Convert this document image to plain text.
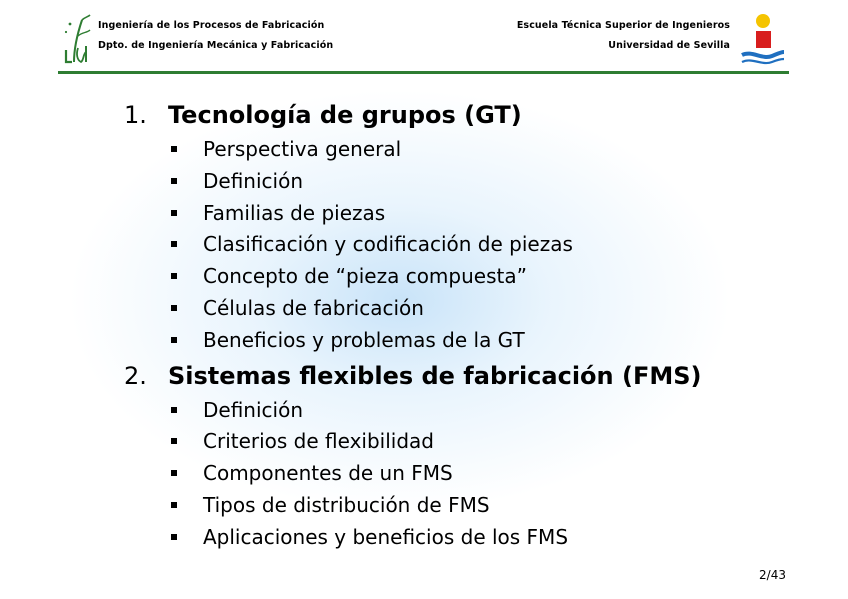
Ingeniería de los Procesos de Fabricación
Dpto. de Ingeniería Mecánica y Fabricación
Escuela Técnica Superior de Ingenieros
Universidad de Sevilla
1. Tecnología de grupos (GT)
Perspectiva general
Definición
Familias de piezas
Clasificación y codificación de piezas
Concepto de “pieza compuesta”
Células de fabricación
Beneficios y problemas de la GT
2. Sistemas flexibles de fabricación (FMS)
Definición
Criterios de flexibilidad
Componentes de un FMS
Tipos de distribución de FMS
Aplicaciones y beneficios de los FMS
2/43
